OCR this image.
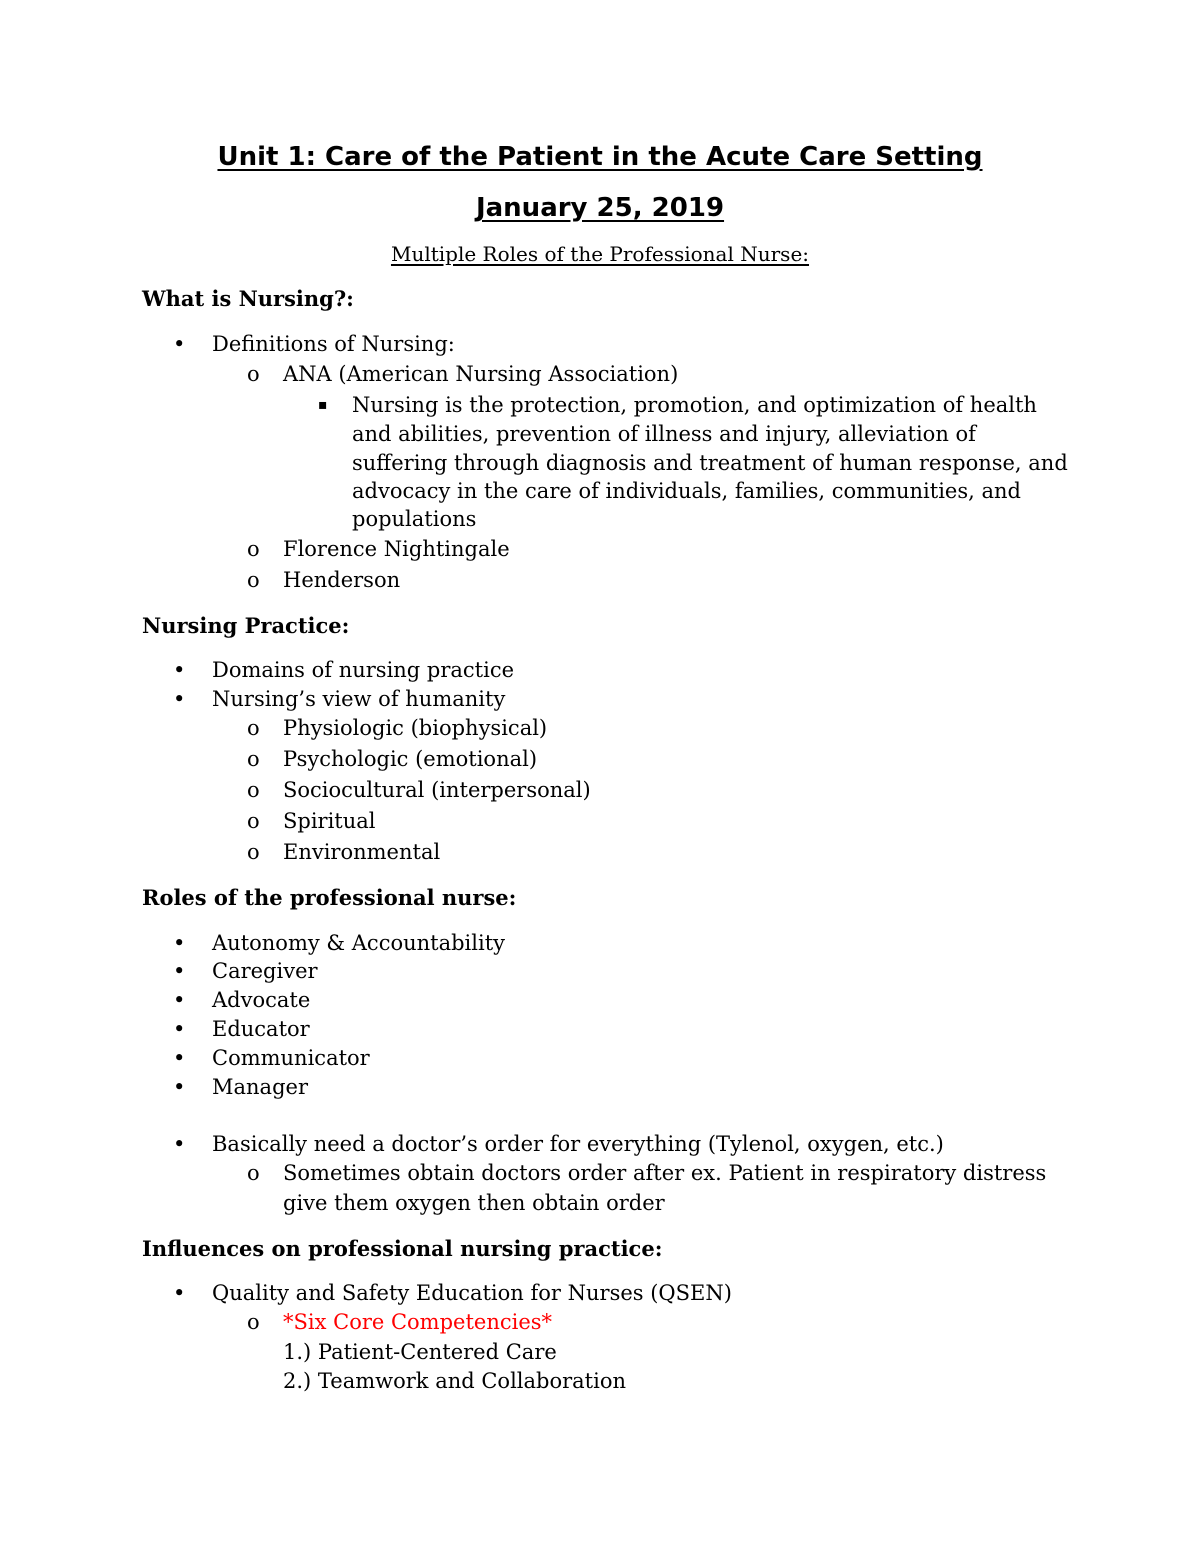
Unit 1: Care of the Patient in the Acute Care Setting
January 25, 2019
Multiple Roles of the Professional Nurse:
What is Nursing?:
• Definitions of Nursing:
o ANA (American Nursing Association)
▪ Nursing is the protection, promotion, and optimization of health
and abilities, prevention of illness and injury, alleviation of
suffering through diagnosis and treatment of human response, and
advocacy in the care of individuals, families, communities, and
populations
o Florence Nightingale
o Henderson
Nursing Practice:
• Domains of nursing practice
• Nursing’s view of humanity
o Physiologic (biophysical)
o Psychologic (emotional)
o Sociocultural (interpersonal)
o Spiritual
o Environmental
Roles of the professional nurse:
• Autonomy & Accountability
• Caregiver
• Advocate
• Educator
• Communicator
• Manager
• Basically need a doctor’s order for everything (Tylenol, oxygen, etc.)
o Sometimes obtain doctors order after ex. Patient in respiratory distress
give them oxygen then obtain order
Influences on professional nursing practice:
• Quality and Safety Education for Nurses (QSEN)
o *Six Core Competencies*
1.) Patient-Centered Care
2.) Teamwork and Collaboration
